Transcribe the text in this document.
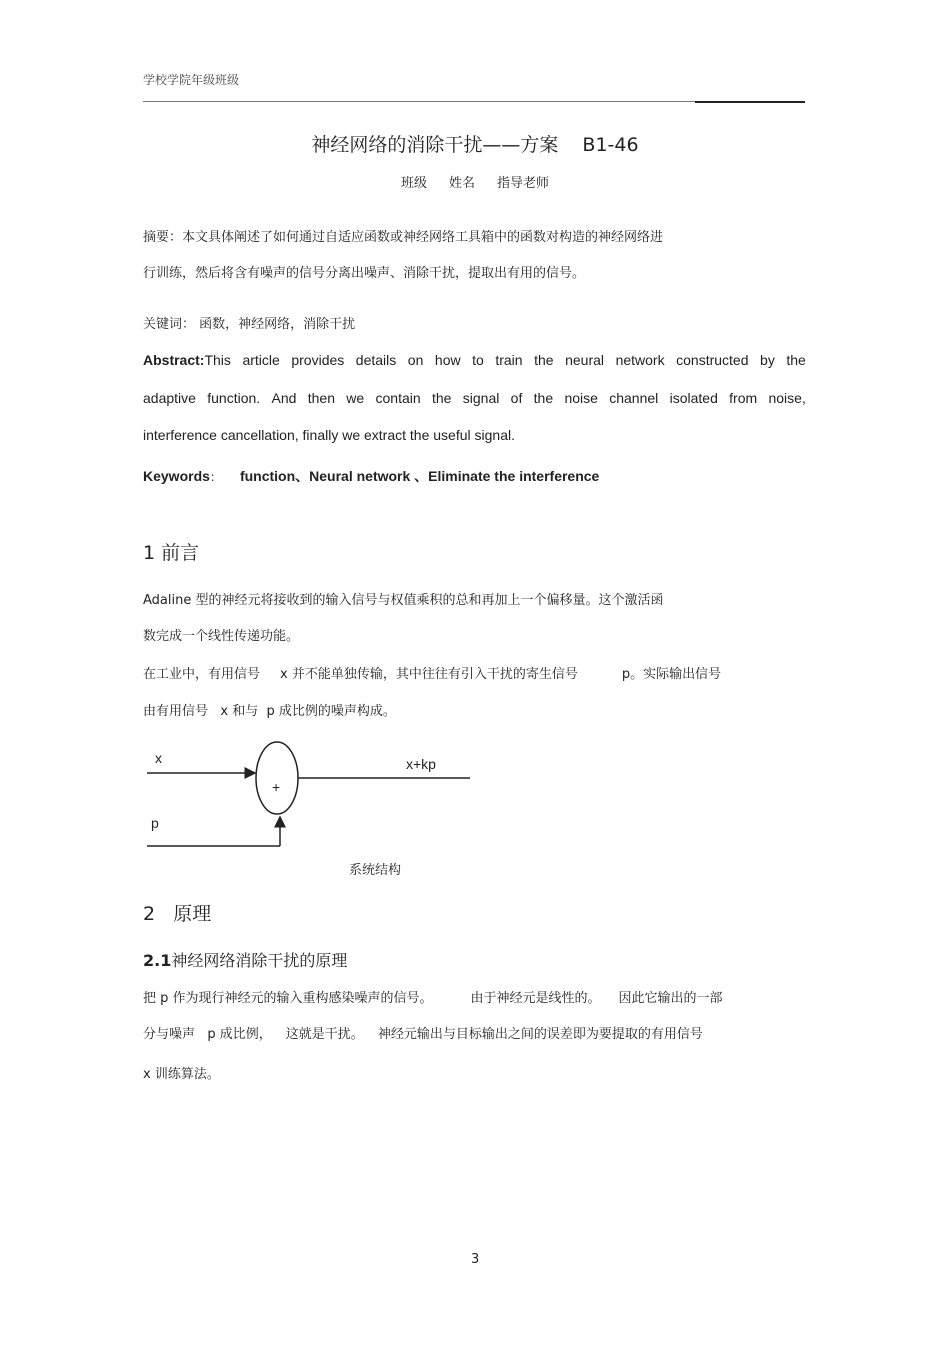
学校学院年级班级
神经网络的消除干扰——方案 B1-46
班级 姓名 指导老师
摘要：本文具体阐述了如何通过自适应函数或神经网络工具箱中的函数对构造的神经网络进
行训练，然后将含有噪声的信号分离出噪声、消除干扰，提取出有用的信号。
关键词： 函数，神经网络，消除干扰
Abstract:This article provides details on how to train the neural network constructed by the
adaptive function. And then we contain the signal of the noise channel isolated from noise,
interference cancellation, finally we extract the useful signal.
Keywords： function、Neural network 、Eliminate the interference
1 前言
Adaline 型的神经元将接收到的输入信号与权值乘积的总和再加上一个偏移量。这个激活函
数完成一个线性传递功能。
在工业中，有用信号 x 并不能单独传输，其中往往有引入干扰的寄生信号	p。实际输出信号
由有用信号   x 和与  p 成比例的噪声构成。
x
+
x+kp
p
系统结构
2   原理
2.1神经网络消除干扰的原理
把 p 作为现行神经元的输入重构感染噪声的信号。	由于神经元是线性的。 因此它输出的一部
分与噪声   p 成比例， 这就是干扰。 神经元输出与目标输出之间的误差即为要提取的有用信号
x 训练算法。
3
